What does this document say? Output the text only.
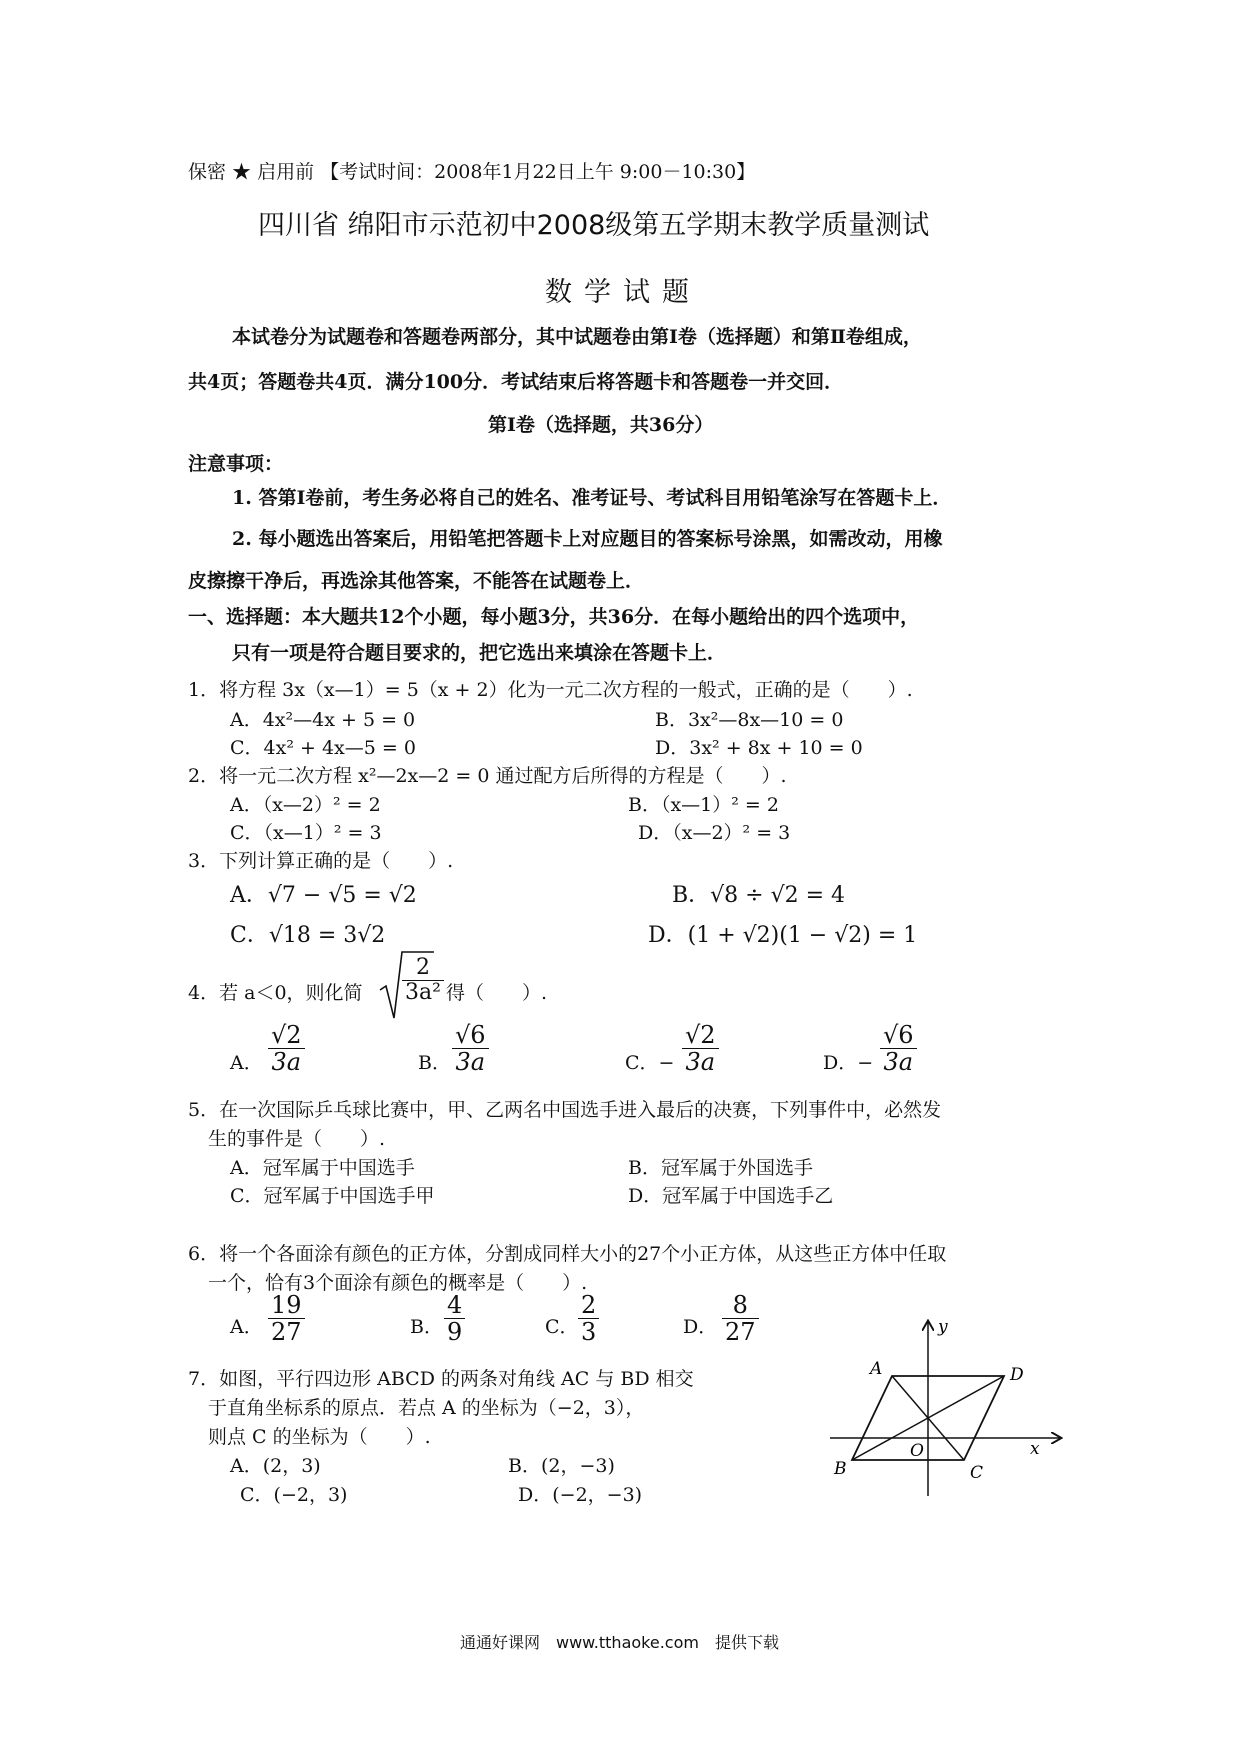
保密 ★ 启用前 【考试时间：2008年1月22日上午 9:00－10:30】
四川省 绵阳市示范初中2008级第五学期末教学质量测试
数学试题
本试卷分为试题卷和答题卷两部分，其中试题卷由第Ⅰ卷（选择题）和第Ⅱ卷组成，
共4页；答题卷共4页．满分100分．考试结束后将答题卡和答题卷一并交回．
第Ⅰ卷（选择题，共36分）
注意事项：
1. 答第Ⅰ卷前，考生务必将自己的姓名、准考证号、考试科目用铅笔涂写在答题卡上．
2. 每小题选出答案后，用铅笔把答题卡上对应题目的答案标号涂黑，如需改动，用橡
皮擦擦干净后，再选涂其他答案，不能答在试题卷上．
一、选择题：本大题共12个小题，每小题3分，共36分．在每小题给出的四个选项中，
只有一项是符合题目要求的，把它选出来填涂在答题卡上．
1．将方程 3x（x—1）= 5（x + 2）化为一元二次方程的一般式，正确的是（　　）.
A．4x²—4x + 5 = 0	B．3x²—8x—10 = 0
C．4x² + 4x—5 = 0	D．3x² + 8x + 10 = 0
2．将一元二次方程 x²—2x—2 = 0 通过配方后所得的方程是（　　）.
A．（x—2）² = 2	B．（x—1）² = 2
C．（x—1）² = 3	D．（x—2）² = 3
3．下列计算正确的是（　　）.
A．√7 − √5 = √2	B．√8 ÷ √2 = 4
C．√18 = 3√2	D．(1 + √2)(1 − √2) = 1
4．若 a＜0，则化简 $\frac{2}{\text{3a²}}$ 得（　　）.
A． $\frac{√2}{3a}$	B． $\frac{√6}{3a}$	C．− $\frac{√2}{3a}$	D．− $\frac{√6}{3a}$
5．在一次国际乒乓球比赛中，甲、乙两名中国选手进入最后的决赛，下列事件中，必然发
生的事件是（　　）.
A．冠军属于中国选手	B．冠军属于外国选手
C．冠军属于中国选手甲	D．冠军属于中国选手乙
6．将一个各面涂有颜色的正方体，分割成同样大小的27个小正方体，从这些正方体中任取
一个，恰有3个面涂有颜色的概率是（　　）.
A． $\frac{19}{27}$	B． $\frac{4}{9}$	C． $\frac{2}{3}$	D． $\frac{8}{27}$
7．如图，平行四边形 ABCD 的两条对角线 AC 与 BD 相交
于直角坐标系的原点．若点 A 的坐标为（−2，3），
则点 C 的坐标为（　　）.
A．(2，3)	B．(2，−3)
C．(−2，3)	D．(−2，−3)
y
x
A	D
B	C
O
通通好课网　www.tthaoke.com　提供下载
